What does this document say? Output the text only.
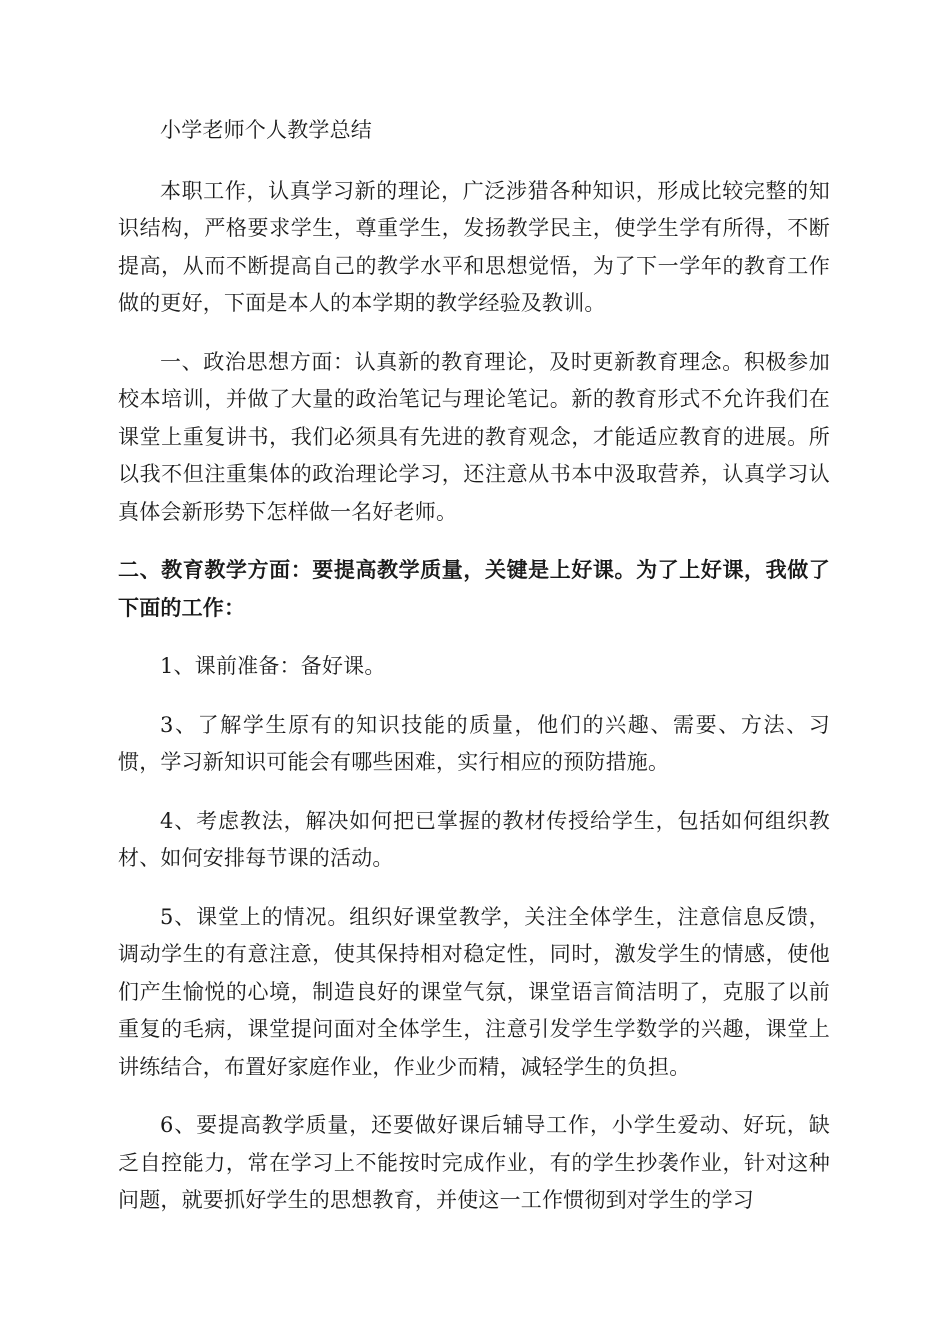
小学老师个人教学总结

本职工作，认真学习新的理论，广泛涉猎各种知识，形成比较完整的知识结构，严格要求学生，尊重学生，发扬教学民主，使学生学有所得，不断提高，从而不断提高自己的教学水平和思想觉悟，为了下一学年的教育工作做的更好，下面是本人的本学期的教学经验及教训。

一、政治思想方面：认真新的教育理论，及时更新教育理念。积极参加校本培训，并做了大量的政治笔记与理论笔记。新的教育形式不允许我们在课堂上重复讲书，我们必须具有先进的教育观念，才能适应教育的进展。所以我不但注重集体的政治理论学习，还注意从书本中汲取营养，认真学习认真体会新形势下怎样做一名好老师。

二、教育教学方面：要提高教学质量，关键是上好课。为了上好课，我做了下面的工作：

1、课前准备：备好课。

3、了解学生原有的知识技能的质量，他们的兴趣、需要、方法、习惯，学习新知识可能会有哪些困难，实行相应的预防措施。

4、考虑教法，解决如何把已掌握的教材传授给学生，包括如何组织教材、如何安排每节课的活动。

5、课堂上的情况。组织好课堂教学，关注全体学生，注意信息反馈，调动学生的有意注意，使其保持相对稳定性，同时，激发学生的情感，使他们产生愉悦的心境，制造良好的课堂气氛，课堂语言简洁明了，克服了以前重复的毛病，课堂提问面对全体学生，注意引发学生学数学的兴趣，课堂上讲练结合，布置好家庭作业，作业少而精，减轻学生的负担。

6、要提高教学质量，还要做好课后辅导工作，小学生爱动、好玩，缺乏自控能力，常在学习上不能按时完成作业，有的学生抄袭作业，针对这种问题，就要抓好学生的思想教育，并使这一工作惯彻到对学生的学习
